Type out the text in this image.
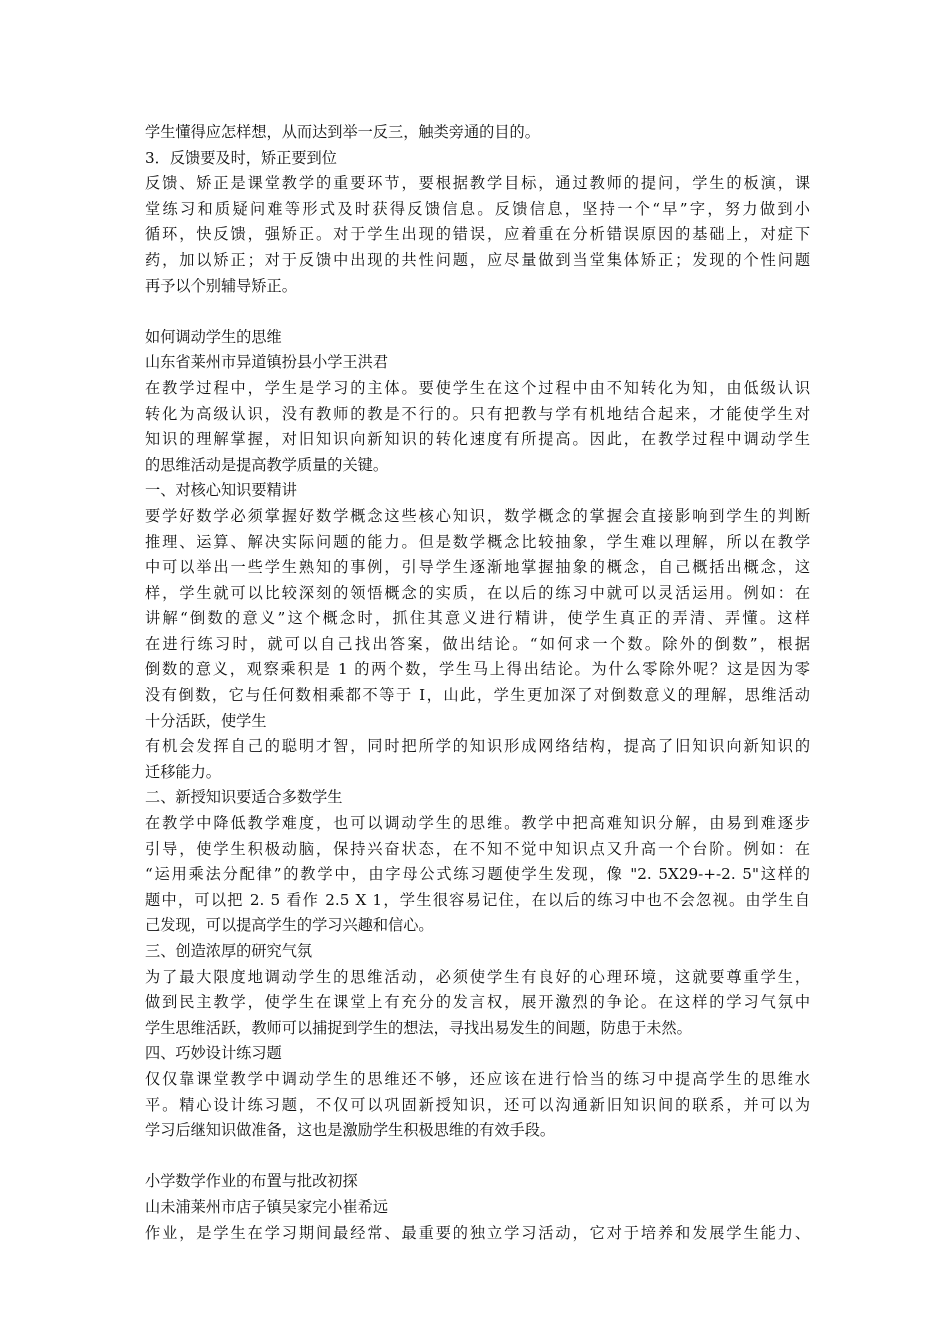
学生懂得应怎样想，从而达到举一反三，触类旁通的目的。

3．反馈要及时，矫正要到位

反馈、矫正是课堂教学的重要环节，要根据教学目标，通过教师的提问，学生的板演，课

堂练习和质疑问难等形式及时获得反馈信息。反馈信息，坚持一个“早”字，努力做到小

循环，快反馈，强矫正。对于学生出现的错误，应着重在分析错误原因的基础上，对症下

药，加以矫正；对于反馈中出现的共性问题，应尽量做到当堂集体矫正；发现的个性问题

再予以个别辅导矫正。

如何调动学生的思维

山东省莱州市异道镇扮县小学王洪君

在教学过程中，学生是学习的主体。要使学生在这个过程中由不知转化为知，由低级认识

转化为高级认识，没有教师的教是不行的。只有把教与学有机地结合起来，才能使学生对

知识的理解掌握，对旧知识向新知识的转化速度有所提高。因此，在教学过程中调动学生

的思维活动是提高教学质量的关键。

一、对核心知识要精讲

要学好数学必须掌握好数学概念这些核心知识，数学概念的掌握会直接影响到学生的判断

推理、运算、解决实际问题的能力。但是数学概念比较抽象，学生难以理解，所以在教学

中可以举出一些学生熟知的事例，引导学生逐渐地掌握抽象的概念，自己概括出概念，这

样，学生就可以比较深刻的领悟概念的实质，在以后的练习中就可以灵活运用。例如：在

讲解“倒数的意义”这个概念时，抓住其意义进行精讲，使学生真正的弄清、弄懂。这样

在进行练习时，就可以自己找出答案，做出结论。“如何求一个数。除外的倒数”，根据

倒数的意义，观察乘积是 1 的两个数，学生马上得出结论。为什么零除外呢？这是因为零

没有倒数，它与任何数相乘都不等于 I，山此，学生更加深了对倒数意义的理解，思维活动

十分活跃，使学生

有机会发挥自己的聪明才智，同时把所学的知识形成网络结构，提高了旧知识向新知识的

迁移能力。

二、新授知识要适合多数学生

在教学中降低教学难度，也可以调动学生的思维。教学中把高难知识分解，由易到难逐步

引导，使学生积极动脑，保持兴奋状态，在不知不觉中知识点又升高一个台阶。例如：在

“运用乘法分配律”的教学中，由字母公式练习题使学生发现，像 "2. 5X29-+-2. 5"这样的

题中，可以把 2. 5 看作 2.5 X 1，学生很容易记住，在以后的练习中也不会忽视。由学生自

己发现，可以提高学生的学习兴趣和信心。

三、创造浓厚的研究气氛

为了最大限度地调动学生的思维活动，必须使学生有良好的心理环境，这就要尊重学生，

做到民主教学，使学生在课堂上有充分的发言权，展开激烈的争论。在这样的学习气氛中

学生思维活跃，教师可以捕捉到学生的想法，寻找出易发生的间题，防患于未然。

四、巧妙设计练习题

仅仅靠课堂教学中调动学生的思维还不够，还应该在进行恰当的练习中提高学生的思维水

平。精心设计练习题，不仅可以巩固新授知识，还可以沟通新旧知识间的联系，并可以为

学习后继知识做准备，这也是激励学生积极思维的有效手段。

小学数学作业的布置与批改初探

山未浦莱州市店子镇吴家完小崔希远

作业，是学生在学习期间最经常、最重要的独立学习活动，它对于培养和发展学生能力、
